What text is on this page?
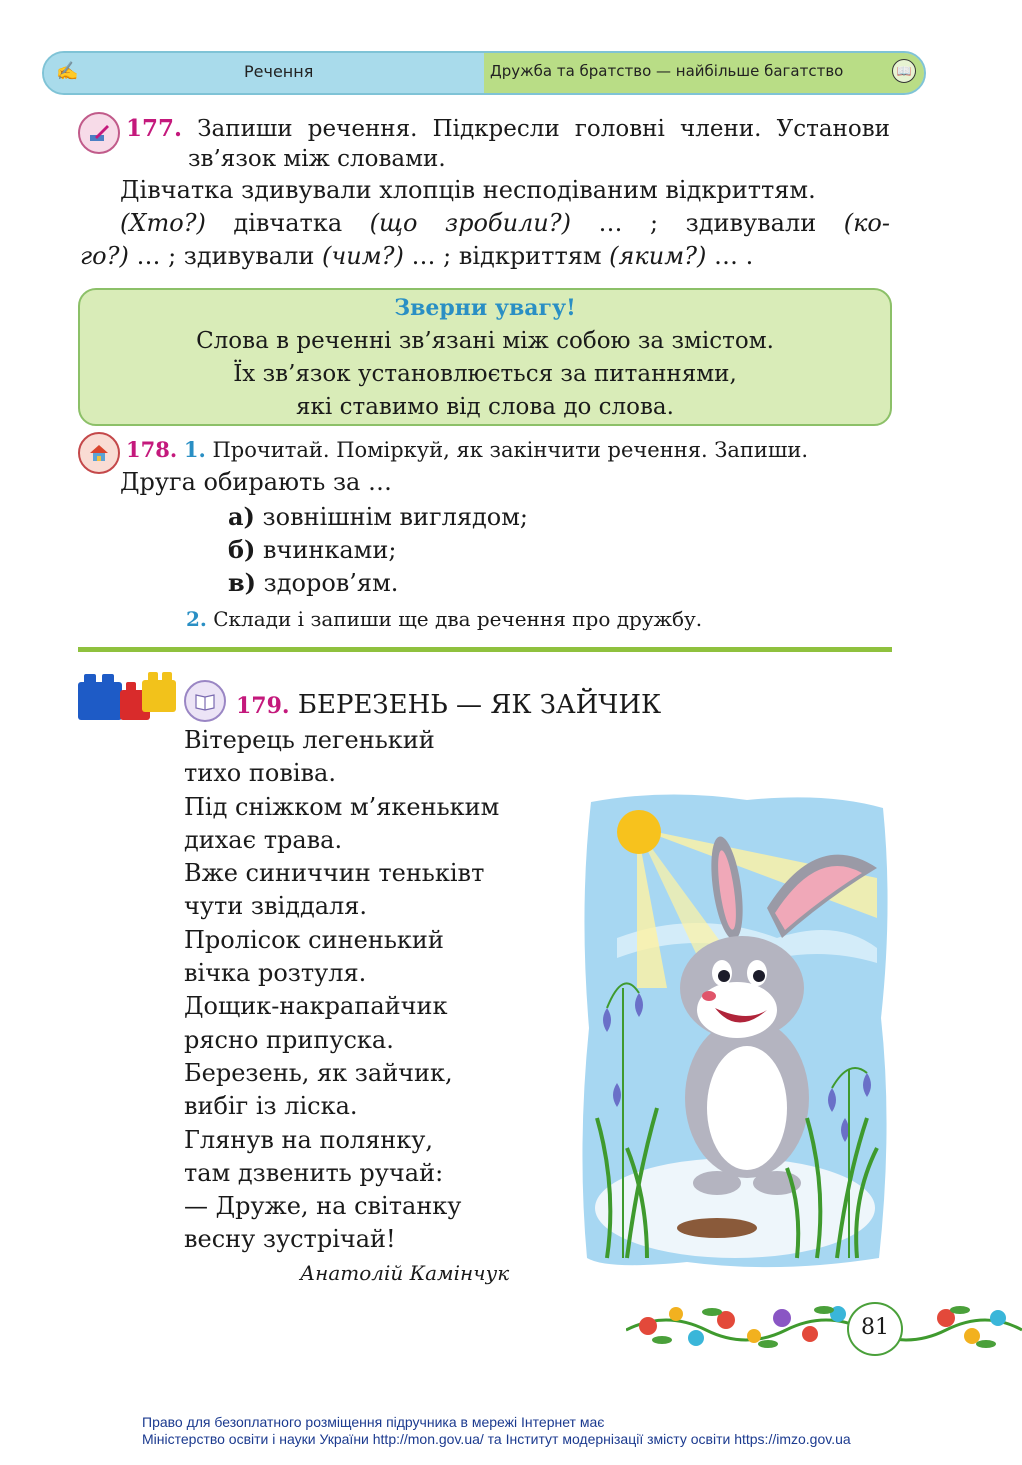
✍	Речення	Дружба та братство — найбільше багатство	📖
177. Запиши речення. Підкресли головні члени. Установи
зв’язок між словами.
Дівчатка здивували хлопців несподіваним відкриттям.
(Хто?) дівчатка (що зробили?) … ; здивували (ко-
го?) … ; здивували (чим?) … ; відкриттям (яким?) … .
Зверни увагу!
Слова в реченні зв’язані між собою за змістом.
Їх зв’язок установлюється за питаннями,
які ставимо від слова до слова.
178. 1. Прочитай. Поміркуй, як закінчити речення. Запиши.
Друга обирають за …
а) зовнішнім виглядом;
б) вчинками;
в) здоров’ям.
2. Склади і запиши ще два речення про дружбу.
179. БЕРЕЗЕНЬ — ЯК ЗАЙЧИК
Вітерець легенький
тихо повіва.
Під сніжком м’якеньким
дихає трава.
Вже синиччин теньківт
чути звіддаля.
Пролісок синенький
вічка розтуля.
Дощик-накрапайчик
рясно припуска.
Березень, як зайчик,
вибіг із ліска.
Глянув на полянку,
там дзвенить ручай:
— Друже, на світанку
весну зустрічай!
Анатолій Камінчук
81
Право для безоплатного розміщення підручника в мережі Інтернет має
Міністерство освіти і науки України http://mon.gov.ua/ та Інститут модернізації змісту освіти https://imzo.gov.ua
